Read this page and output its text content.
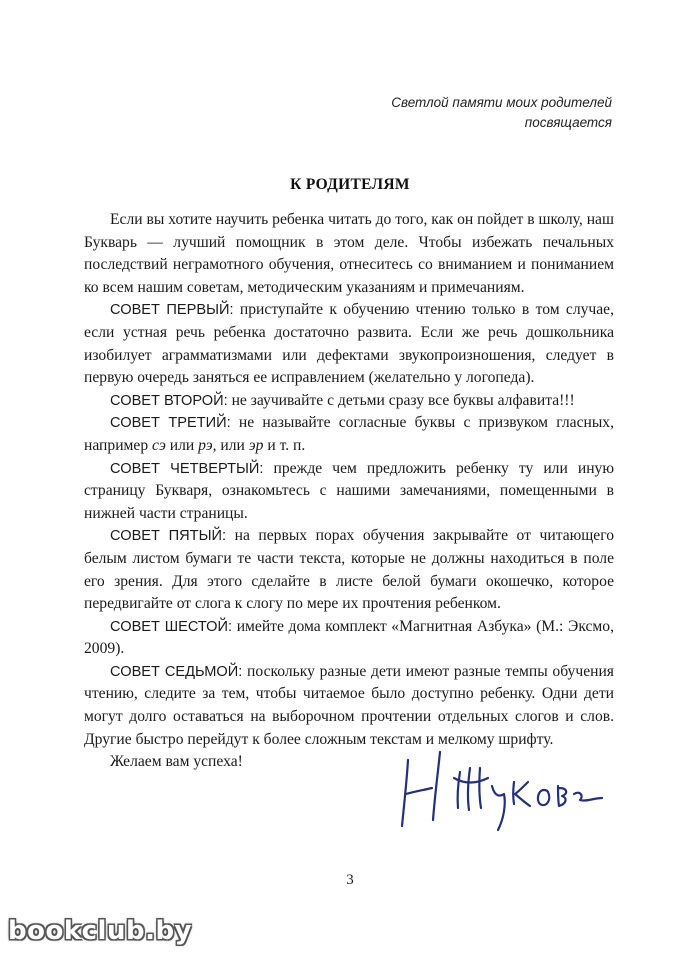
Светлой памяти моих родителей
посвящается
К РОДИТЕЛЯМ

Если вы хотите научить ребенка читать до того, как он пойдет в школу, наш Букварь — лучший помощник в этом деле. Чтобы избежать печальных последствий неграмотного обучения, отнеситесь со вниманием и пониманием ко всем нашим советам, методическим указаниям и примечаниям.

СОВЕТ ПЕРВЫЙ: приступайте к обучению чтению только в том случае, если устная речь ребенка достаточно развита. Если же речь дошкольника изобилует аграмматизмами или дефектами звукопроизношения, следует в первую очередь заняться ее исправлением (желательно у логопеда).

СОВЕТ ВТОРОЙ: не заучивайте с детьми сразу все буквы алфавита!!!

СОВЕТ ТРЕТИЙ: не называйте согласные буквы с призвуком гласных, например сэ или рэ, или эр и т. п.

СОВЕТ ЧЕТВЕРТЫЙ: прежде чем предложить ребенку ту или иную страницу Букваря, ознакомьтесь с нашими замечаниями, помещенными в нижней части страницы.

СОВЕТ ПЯТЫЙ: на первых порах обучения закрывайте от читающего белым листом бумаги те части текста, которые не должны находиться в поле его зрения. Для этого сделайте в листе белой бумаги окошечко, которое передвигайте от слога к слогу по мере их прочтения ребенком.

СОВЕТ ШЕСТОЙ: имейте дома комплект «Магнитная Азбука» (М.: Эксмо, 2009).

СОВЕТ СЕДЬМОЙ: поскольку разные дети имеют разные темпы обучения чтению, следите за тем, чтобы читаемое было доступно ребенку. Одни дети могут долго оставаться на выборочном прочтении отдельных слогов и слов. Другие быстро перейдут к более сложным текстам и мелкому шрифту.

Желаем вам успеха!

3
bookclub.by
